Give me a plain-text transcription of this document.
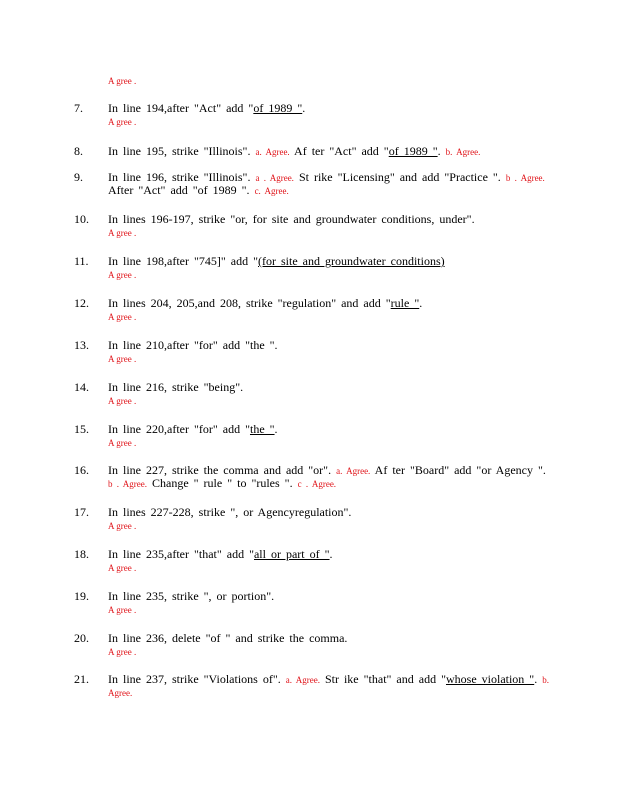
A gree .
7. In line 194,after "Act" add "of 1989 ".
A gree .
8. In line 195, strike "Illinois". a. Agree. Af ter "Act" add "of 1989 ". b. Agree.
9. In line 196, strike "Illinois". a . Agree. St rike "Licensing" and add "Practice ". b . Agree.
After "Act" add "of 1989 ". c. Agree.
10. In lines 196-197, strike "or, for site and groundwater conditions, under".
A gree .
11. In line 198,after "745]" add "(for site and groundwater conditions)
A gree .
12. In lines 204, 205,and 208, strike "regulation" and add "rule ".
A gree .
13. In line 210,after "for" add "the ".
A gree .
14. In line 216, strike "being".
A gree .
15. In line 220,after "for" add "the ".
A gree .
16. In line 227, strike the comma and add "or". a. Agree. Af ter "Board" add "or Agency ".
b . Agree. Change " rule " to "rules ". c . Agree.
17. In lines 227-228, strike ", or Agencyregulation".
A gree .
18. In line 235,after "that" add "all or part of ".
A gree .
19. In line 235, strike ", or portion".
A gree .
20. In line 236, delete "of " and strike the comma.
A gree .
21. In line 237, strike "Violations of". a. Agree. Str ike "that" and add "whose violation ". b.
Agree.
